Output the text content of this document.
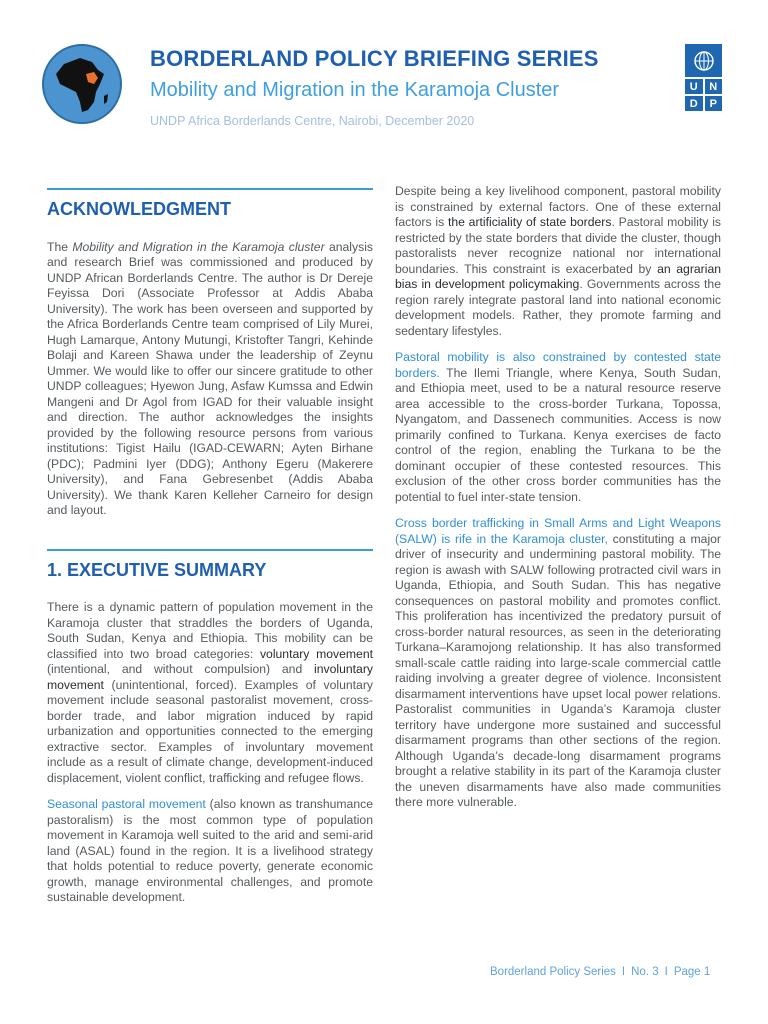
BORDERLAND POLICY BRIEFING SERIES
Mobility and Migration in the Karamoja Cluster
UNDP Africa Borderlands Centre, Nairobi, December 2020
U	N
D	P
ACKNOWLEDGMENT

The Mobility and Migration in the Karamoja cluster analysis and research Brief was commissioned and produced by UNDP African Borderlands Centre. The author is Dr Dereje Feyissa Dori (Associate Professor at Addis Ababa University). The work has been overseen and supported by the Africa Borderlands Centre team comprised of Lily Murei, Hugh Lamarque, Antony Mutungi, Kristofter Tangri, Kehinde Bolaji and Kareen Shawa under the leadership of Zeynu Ummer. We would like to offer our sincere gratitude to other UNDP colleagues; Hyewon Jung, Asfaw Kumssa and Edwin Mangeni and Dr Agol from IGAD for their valuable insight and direction. The author acknowledges the insights provided by the following resource persons from various institutions: Tigist Hailu (IGAD-CEWARN; Ayten Birhane (PDC); Padmini Iyer (DDG); Anthony Egeru (Makerere University), and Fana Gebresenbet (Addis Ababa University). We thank Karen Kelleher Carneiro for design and layout.

1. EXECUTIVE SUMMARY

There is a dynamic pattern of population movement in the Karamoja cluster that straddles the borders of Uganda, South Sudan, Kenya and Ethiopia. This mobility can be classified into two broad categories: voluntary movement (intentional, and without compulsion) and involuntary movement (unintentional, forced). Examples of voluntary movement include seasonal pastoralist movement, cross-border trade, and labor migration induced by rapid urbanization and opportunities connected to the emerging extractive sector. Examples of involuntary movement include as a result of climate change, development-induced displacement, violent conflict, trafficking and refugee flows.

Seasonal pastoral movement (also known as transhumance pastoralism) is the most common type of population movement in Karamoja well suited to the arid and semi-arid land (ASAL) found in the region. It is a livelihood strategy that holds potential to reduce poverty, generate economic growth, manage environmental challenges, and promote sustainable development.

Despite being a key livelihood component, pastoral mobility is constrained by external factors. One of these external factors is the artificiality of state borders. Pastoral mobility is restricted by the state borders that divide the cluster, though pastoralists never recognize national nor international boundaries. This constraint is exacerbated by an agrarian bias in development policymaking. Governments across the region rarely integrate pastoral land into national economic development models. Rather, they promote farming and sedentary lifestyles.

Pastoral mobility is also constrained by contested state borders. The Ilemi Triangle, where Kenya, South Sudan, and Ethiopia meet, used to be a natural resource reserve area accessible to the cross-border Turkana, Topossa, Nyangatom, and Dassenech communities. Access is now primarily confined to Turkana. Kenya exercises de facto control of the region, enabling the Turkana to be the dominant occupier of these contested resources. This exclusion of the other cross border communities has the potential to fuel inter-state tension.

Cross border trafficking in Small Arms and Light Weapons (SALW) is rife in the Karamoja cluster, constituting a major driver of insecurity and undermining pastoral mobility. The region is awash with SALW following protracted civil wars in Uganda, Ethiopia, and South Sudan. This has negative consequences on pastoral mobility and promotes conflict. This proliferation has incentivized the predatory pursuit of cross-border natural resources, as seen in the deteriorating Turkana–Karamojong relationship. It has also transformed small-scale cattle raiding into large-scale commercial cattle raiding involving a greater degree of violence. Inconsistent disarmament interventions have upset local power relations. Pastoralist communities in Uganda’s Karamoja cluster territory have undergone more sustained and successful disarmament programs than other sections of the region. Although Uganda’s decade-long disarmament programs brought a relative stability in its part of the Karamoja cluster the uneven disarmaments have also made communities there more vulnerable.

Borderland Policy Series I No. 3 I Page 1
